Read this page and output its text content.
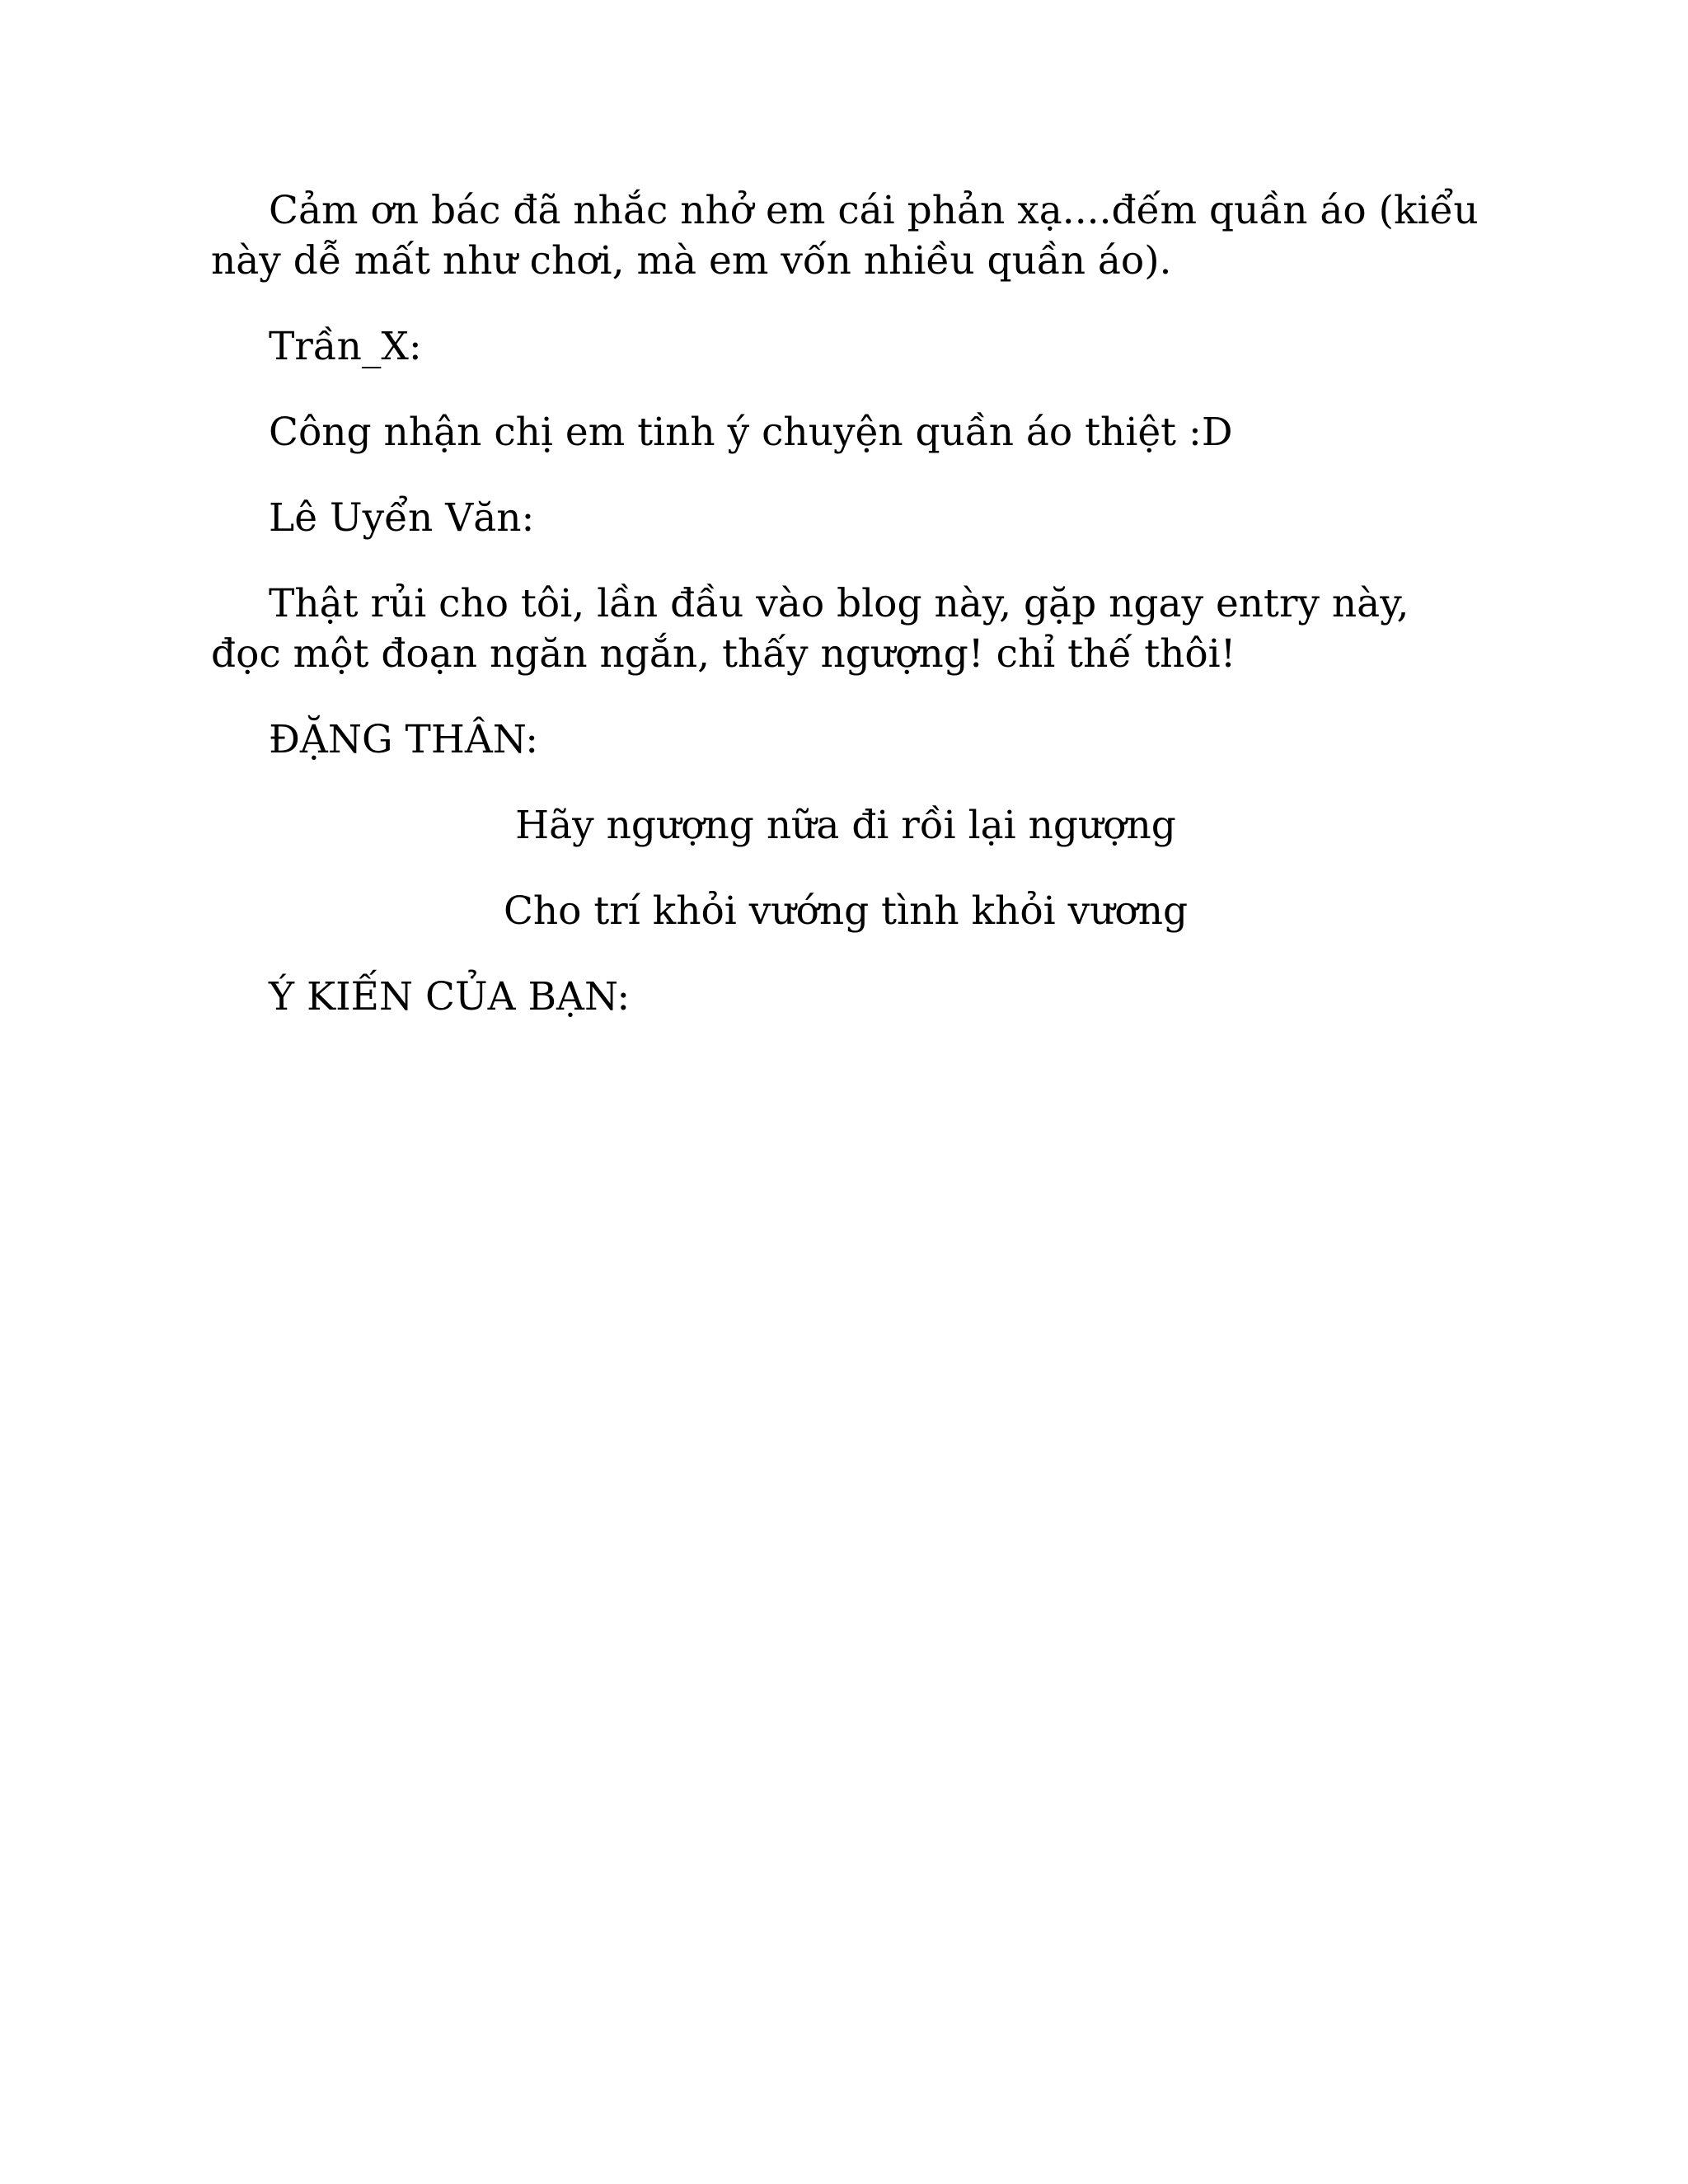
Cảm ơn bác đã nhắc nhở em cái phản xạ....đếm quần áo (kiểu này dễ mất như chơi, mà em vốn nhiều quần áo).

Trần_X:

Công nhận chị em tinh ý chuyện quần áo thiệt :D

Lê Uyển Văn:

Thật rủi cho tôi, lần đầu vào blog này, gặp ngay entry này, đọc một đoạn ngăn ngắn, thấy ngượng! chỉ thế thôi!

ĐẶNG THÂN:

Hãy ngượng nữa đi rồi lại ngượng

Cho trí khỏi vướng tình khỏi vương

Ý KIẾN CỦA BẠN:
